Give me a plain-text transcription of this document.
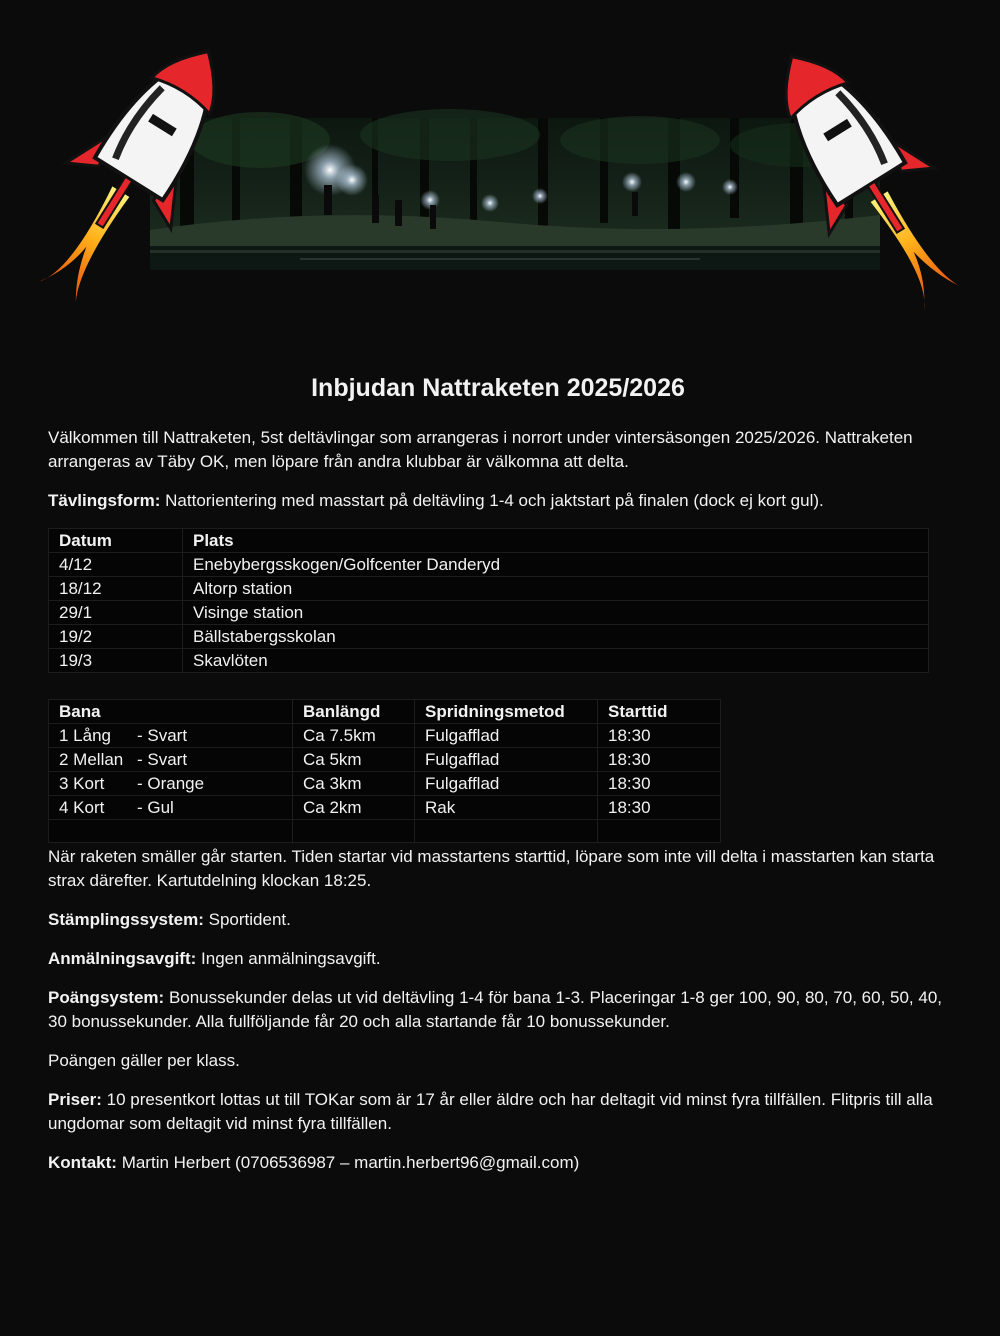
Inbjudan Nattraketen 2025/2026

Välkommen till Nattraketen, 5st deltävlingar som arrangeras i norrort under vintersäsongen 2025/2026. Nattraketen arrangeras av Täby OK, men löpare från andra klubbar är välkomna att delta.

Tävlingsform: Nattorientering med masstart på deltävling 1-4 och jaktstart på finalen (dock ej kort gul).

Datum	Plats
4/12	Enebybergsskogen/Golfcenter Danderyd
18/12	Altorp station
29/1	Visinge station
19/2	Bällstabergsskolan
19/3	Skavlöten
Bana	Banlängd	Spridningsmetod	Starttid
1 Lång - Svart	Ca 7.5km	Fulgafflad	18:30
2 Mellan - Svart	Ca 5km	Fulgafflad	18:30
3 Kort - Orange	Ca 3km	Fulgafflad	18:30
4 Kort - Gul	Ca 2km	Rak	18:30

När raketen smäller går starten. Tiden startar vid masstartens starttid, löpare som inte vill delta i masstarten kan starta strax därefter. Kartutdelning klockan 18:25.

Stämplingssystem: Sportident.

Anmälningsavgift: Ingen anmälningsavgift.

Poängsystem: Bonussekunder delas ut vid deltävling 1-4 för bana 1-3. Placeringar 1-8 ger 100, 90, 80, 70, 60, 50, 40, 30 bonussekunder. Alla fullföljande får 20 och alla startande får 10 bonussekunder.

Poängen gäller per klass.

Priser: 10 presentkort lottas ut till TOKar som är 17 år eller äldre och har deltagit vid minst fyra tillfällen. Flitpris till alla ungdomar som deltagit vid minst fyra tillfällen.

Kontakt: Martin Herbert (0706536987 – martin.herbert96@gmail.com)
